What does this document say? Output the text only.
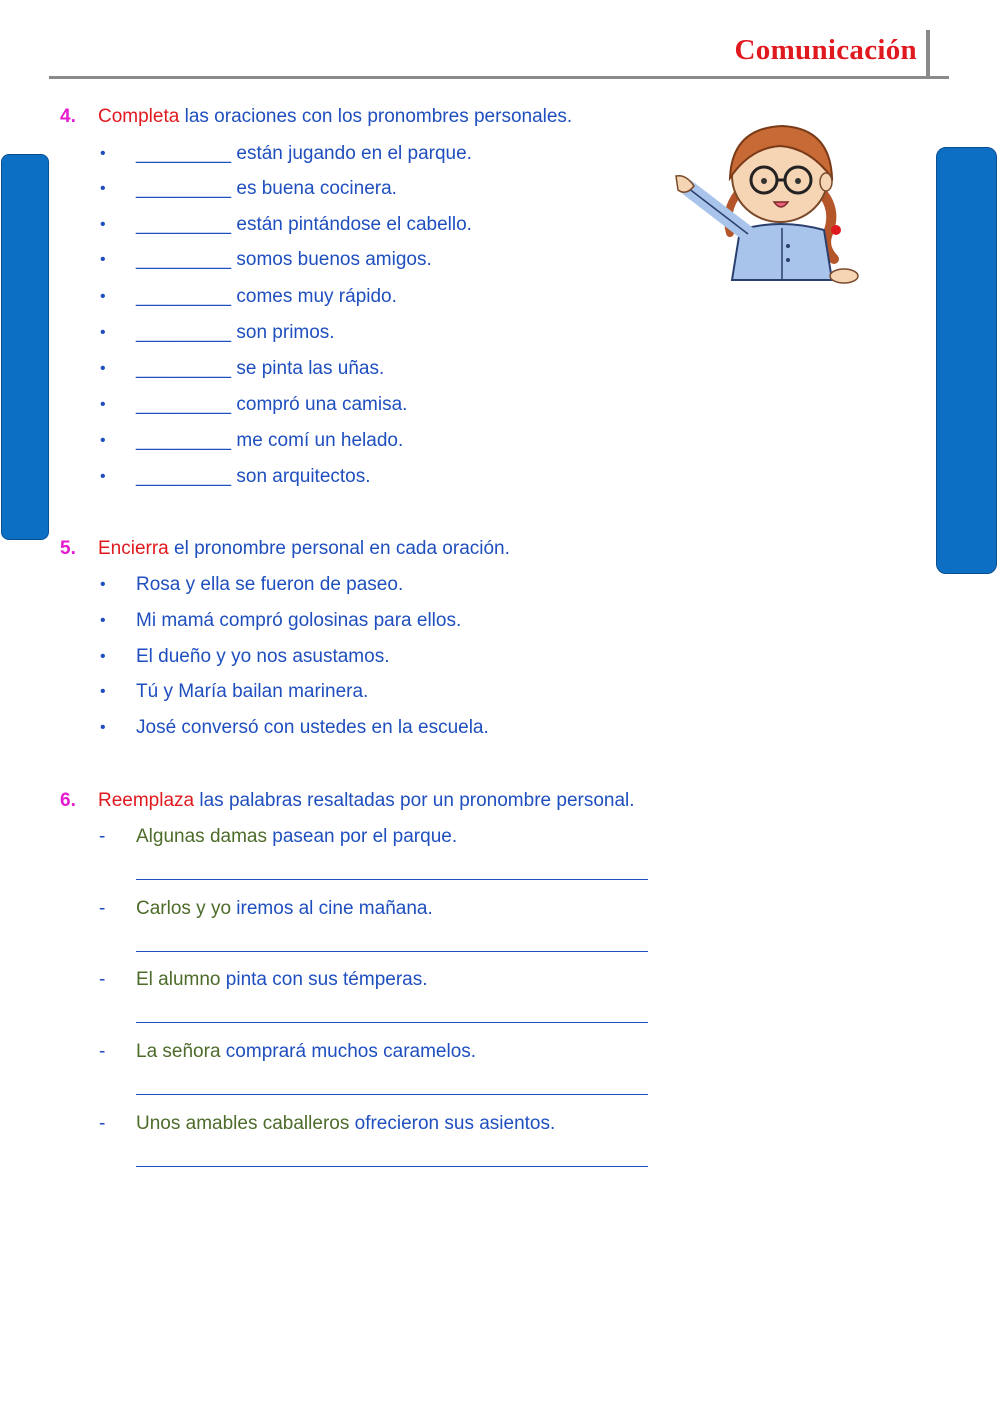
Comunicación
4. Completa las oraciones con los pronombres personales.
• _________ están jugando en el parque.
• _________ es buena cocinera.
• _________ están pintándose el cabello.
• _________ somos buenos amigos.
• _________ comes muy rápido.
• _________ son primos.
• _________ se pinta las uñas.
• _________ compró una camisa.
• _________ me comí un helado.
• _________ son arquitectos.
5. Encierra el pronombre personal en cada oración.
• Rosa y ella se fueron de paseo.
• Mi mamá compró golosinas para ellos.
• El dueño y yo nos asustamos.
• Tú y María bailan marinera.
• José conversó con ustedes en la escuela.
6. Reemplaza las palabras resaltadas por un pronombre personal.
- Algunas damas pasean por el parque.
- Carlos y yo iremos al cine mañana.
- El alumno pinta con sus témperas.
- La señora comprará muchos caramelos.
- Unos amables caballeros ofrecieron sus asientos.
